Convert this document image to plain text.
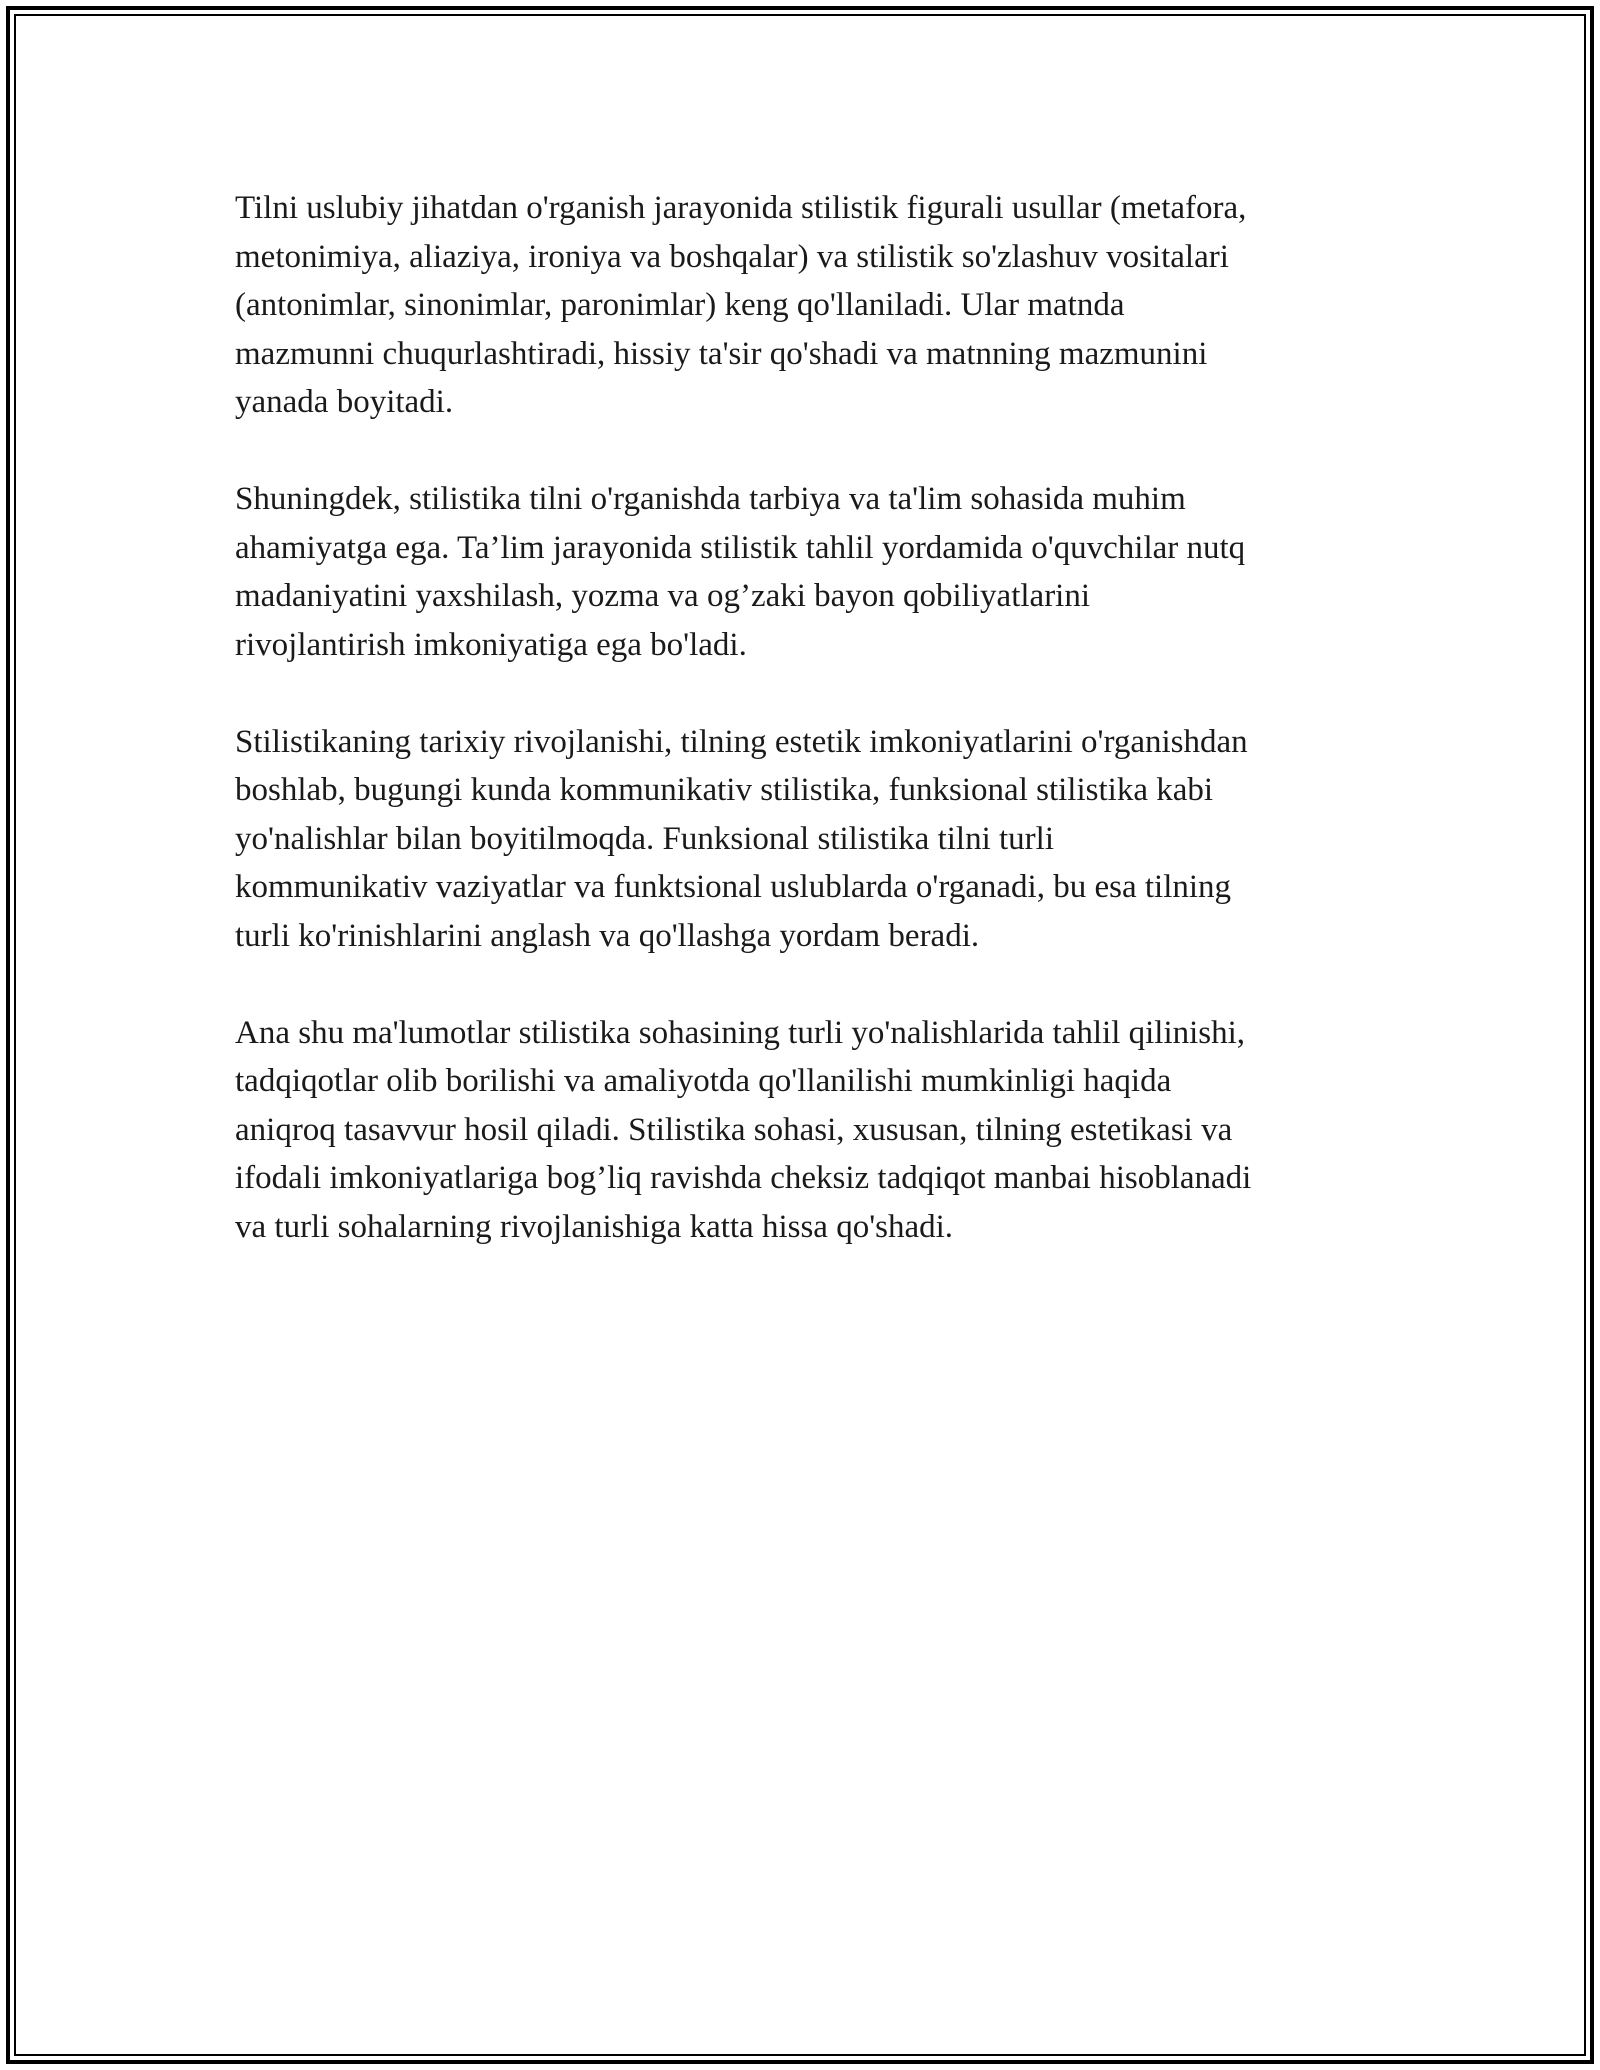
Tilni uslubiy jihatdan o'rganish jarayonida stilistik figurali usullar (metafora,
metonimiya, aliaziya, ironiya va boshqalar) va stilistik so'zlashuv vositalari
(antonimlar, sinonimlar, paronimlar) keng qo'llaniladi. Ular matnda
mazmunni chuqurlashtiradi, hissiy ta'sir qo'shadi va matnning mazmunini
yanada boyitadi.

Shuningdek, stilistika tilni o'rganishda tarbiya va ta'lim sohasida muhim
ahamiyatga ega. Ta’lim jarayonida stilistik tahlil yordamida o'quvchilar nutq
madaniyatini yaxshilash, yozma va og’zaki bayon qobiliyatlarini
rivojlantirish imkoniyatiga ega bo'ladi.

Stilistikaning tarixiy rivojlanishi, tilning estetik imkoniyatlarini o'rganishdan
boshlab, bugungi kunda kommunikativ stilistika, funksional stilistika kabi
yo'nalishlar bilan boyitilmoqda. Funksional stilistika tilni turli
kommunikativ vaziyatlar va funktsional uslublarda o'rganadi, bu esa tilning
turli ko'rinishlarini anglash va qo'llashga yordam beradi.

Ana shu ma'lumotlar stilistika sohasining turli yo'nalishlarida tahlil qilinishi,
tadqiqotlar olib borilishi va amaliyotda qo'llanilishi mumkinligi haqida
aniqroq tasavvur hosil qiladi. Stilistika sohasi, xususan, tilning estetikasi va
ifodali imkoniyatlariga bog’liq ravishda cheksiz tadqiqot manbai hisoblanadi
va turli sohalarning rivojlanishiga katta hissa qo'shadi.
